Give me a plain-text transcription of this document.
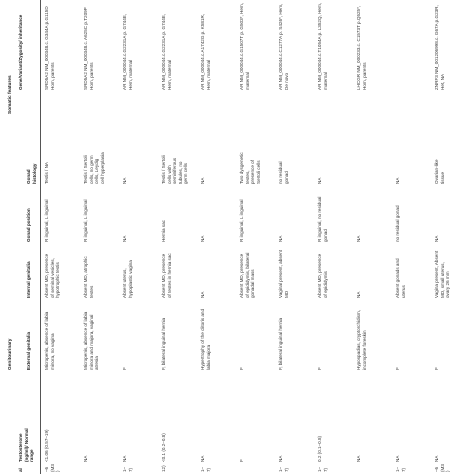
Genitourinary
Somatic features
al
Testosterone (ng/ml)/ Normal range
External genitalia
Internal genitalia
Gonad position
Gonad histology
Gene/Variant/Zygosity/ inheritance
–6 (M3)
<1.06 (0.57–19)
Micropenis, absence of labia minora, no vagina
Absent MD, presence of seminal vesicles, hypotrophic testis
R inguinal, L inguinal
Testis / NA
SRD5A2 NM_000348.c. G344A p.G115D Hom, parents
NA
Micropenis, absence of labia minora and majora, vaginal atresia
Absent MD, atrophic testes
R inguinal, L inguinal
Testis / Sertoli cells, no germ cells, Leydig cell hyperplasia
SRD5A2 NM_000348.c. A625C p.T209P Hom, parents
1–7)
NA
F
Absent uterus, hypoplastic vagina
NA
NA
AR NM_000044.c.G2231A p. G744E, Hem, maternal
12)
<0.1 (0.2–0.8)
F, bilateral inguinal hernia
Absent MD, presence of testes in hernia sac
Hernia sac
Testis / Sertoli cells with seminiferous tubules, no germ cells
AR NM_000044.c.G2231A p. G744E, Hem, maternal
1–7)
NA
Hypertrophy of the clitoris and labia majora
NA
NA
NA
AR NM_000044.c.A1742G p. K581R, Hem, maternal
F
F
Absent MD, presence of epididymis, bilateral gonadal mass
R inguinal, L inguinal
Two dysgenetic testes, presence of Sertoli cells
AR NM_000044.c.G1507T p. G503*, Hem, maternal
1–7)
NA
F, bilateral inguinal hernia
Vaginal present, absent MD
NA
no residual gonad
AR NM_000044.c.C1277A p. S426*, Hem, De novo
1–7)
0.2 (0.1–0.8)
F
Absent MD, presence of epididymis
R inguinal, no residual gonad
NA
AR NM_000044.c.T1054A p. L352Q, Hem, maternal
NA
Hypospadias, cryptorchidism, incomplete foreskin
NA
NA
LHCGR NM_000233.c. C1573T p.Q525*, Hom, parents
1–7)
NA
F
Absent gonads and uterus
no residual gonad
NA
–6 (M3)
NA
F
Vagina present, Absent MD, small uterus, ovary 26 mm
NA
Ovarian-like tissue
ZNRF3 NM_001206998.c. G67A p.G23R, Het, NA
